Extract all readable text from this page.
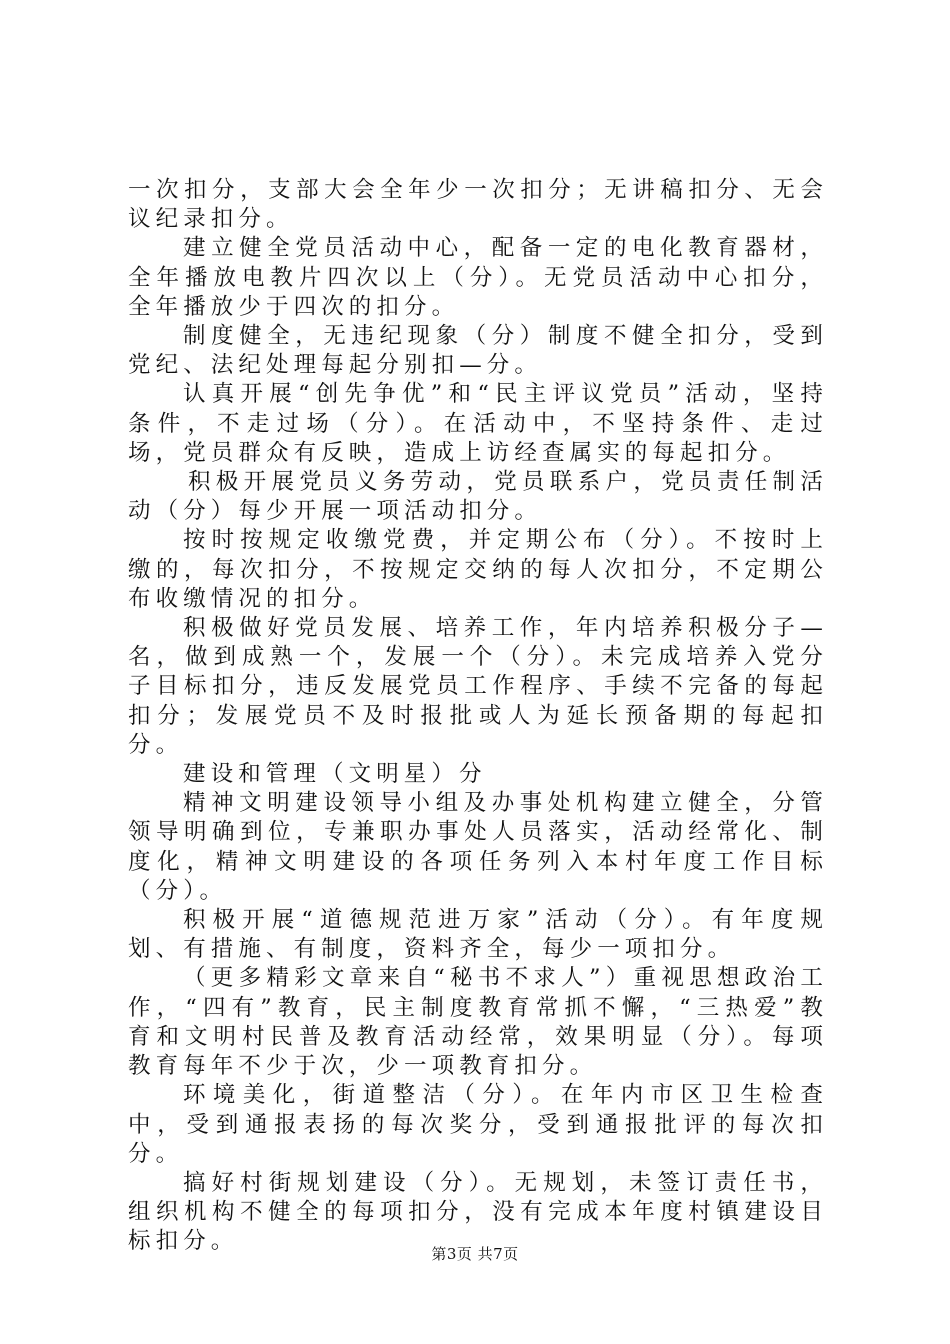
一次扣分，支部大会全年少一次扣分；无讲稿扣分、无会议纪录扣分。

建立健全党员活动中心，配备一定的电化教育器材，全年播放电教片四次以上（分）。无党员活动中心扣分，全年播放少于四次的扣分。

制度健全，无违纪现象（分）制度不健全扣分，受到党纪、法纪处理每起分别扣—分。

认真开展“创先争优”和“民主评议党员”活动，坚持条件，不走过场（分）。在活动中，不坚持条件、走过场，党员群众有反映，造成上访经查属实的每起扣分。

积极开展党员义务劳动，党员联系户，党员责任制活动（分）每少开展一项活动扣分。

按时按规定收缴党费，并定期公布（分）。不按时上缴的，每次扣分，不按规定交纳的每人次扣分，不定期公布收缴情况的扣分。

积极做好党员发展、培养工作，年内培养积极分子—名，做到成熟一个，发展一个（分）。未完成培养入党分子目标扣分，违反发展党员工作程序、手续不完备的每起扣分；发展党员不及时报批或人为延长预备期的每起扣分。

建设和管理（文明星）分

精神文明建设领导小组及办事处机构建立健全，分管领导明确到位，专兼职办事处人员落实，活动经常化、制度化，精神文明建设的各项任务列入本村年度工作目标（分）。

积极开展“道德规范进万家”活动（分）。有年度规划、有措施、有制度，资料齐全，每少一项扣分。

（更多精彩文章来自“秘书不求人”）重视思想政治工作，“四有”教育，民主制度教育常抓不懈，“三热爱”教育和文明村民普及教育活动经常，效果明显（分）。每项教育每年不少于次，少一项教育扣分。

环境美化，街道整洁（分）。在年内市区卫生检查中，受到通报表扬的每次奖分，受到通报批评的每次扣分。

搞好村街规划建设（分）。无规划，未签订责任书，组织机构不健全的每项扣分，没有完成本年度村镇建设目标扣分。	第3页 共7页
